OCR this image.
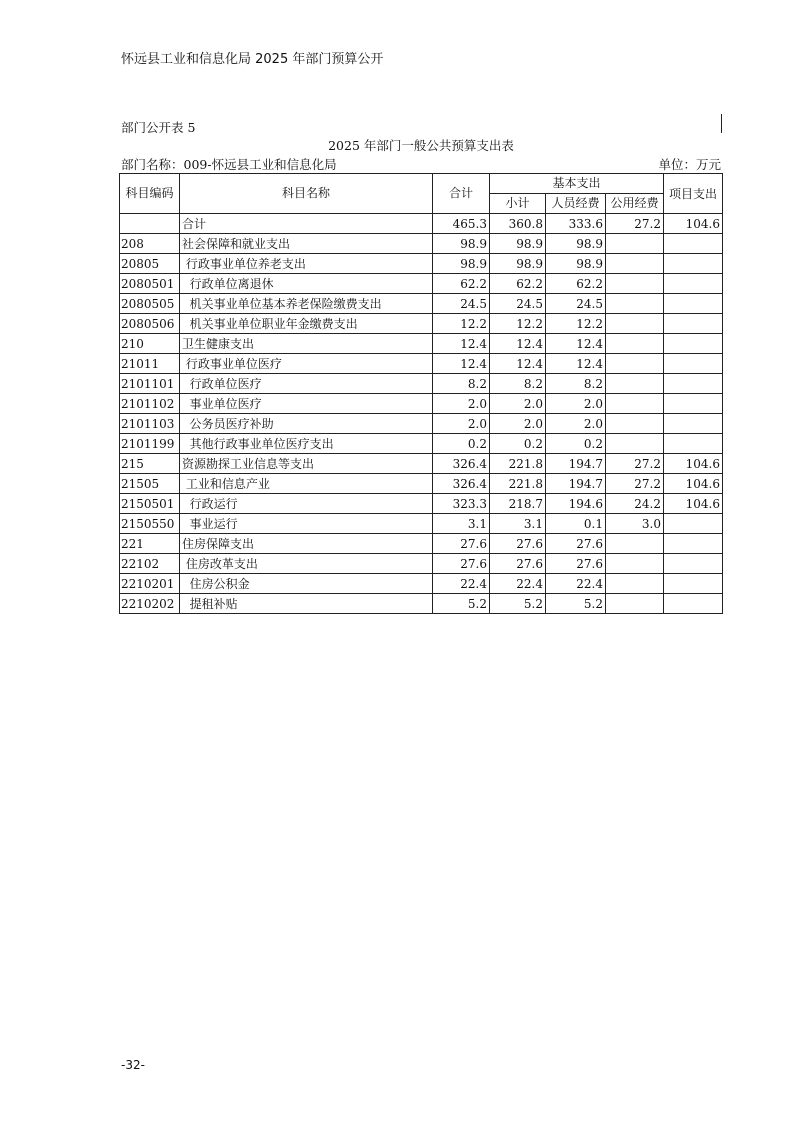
怀远县工业和信息化局 2025 年部门预算公开
部门公开表 5
2025 年部门一般公共预算支出表
部门名称：009-怀远县工业和信息化局	单位：万元
科目编码	科目名称	合计	基本支出			项目支出
			小计	人员经费	公用经费	
	合计	465.3	360.8	333.6	27.2	104.6
208	社会保障和就业支出	98.9	98.9	98.9		
20805	行政事业单位养老支出	98.9	98.9	98.9		
2080501	行政单位离退休	62.2	62.2	62.2		
2080505	机关事业单位基本养老保险缴费支出	24.5	24.5	24.5		
2080506	机关事业单位职业年金缴费支出	12.2	12.2	12.2		
210	卫生健康支出	12.4	12.4	12.4		
21011	行政事业单位医疗	12.4	12.4	12.4		
2101101	行政单位医疗	8.2	8.2	8.2		
2101102	事业单位医疗	2.0	2.0	2.0		
2101103	公务员医疗补助	2.0	2.0	2.0		
2101199	其他行政事业单位医疗支出	0.2	0.2	0.2		
215	资源勘探工业信息等支出	326.4	221.8	194.7	27.2	104.6
21505	工业和信息产业	326.4	221.8	194.7	27.2	104.6
2150501	行政运行	323.3	218.7	194.6	24.2	104.6
2150550	事业运行	3.1	3.1	0.1	3.0	
221	住房保障支出	27.6	27.6	27.6		
22102	住房改革支出	27.6	27.6	27.6		
2210201	住房公积金	22.4	22.4	22.4		
2210202	提租补贴	5.2	5.2	5.2		
-32-
